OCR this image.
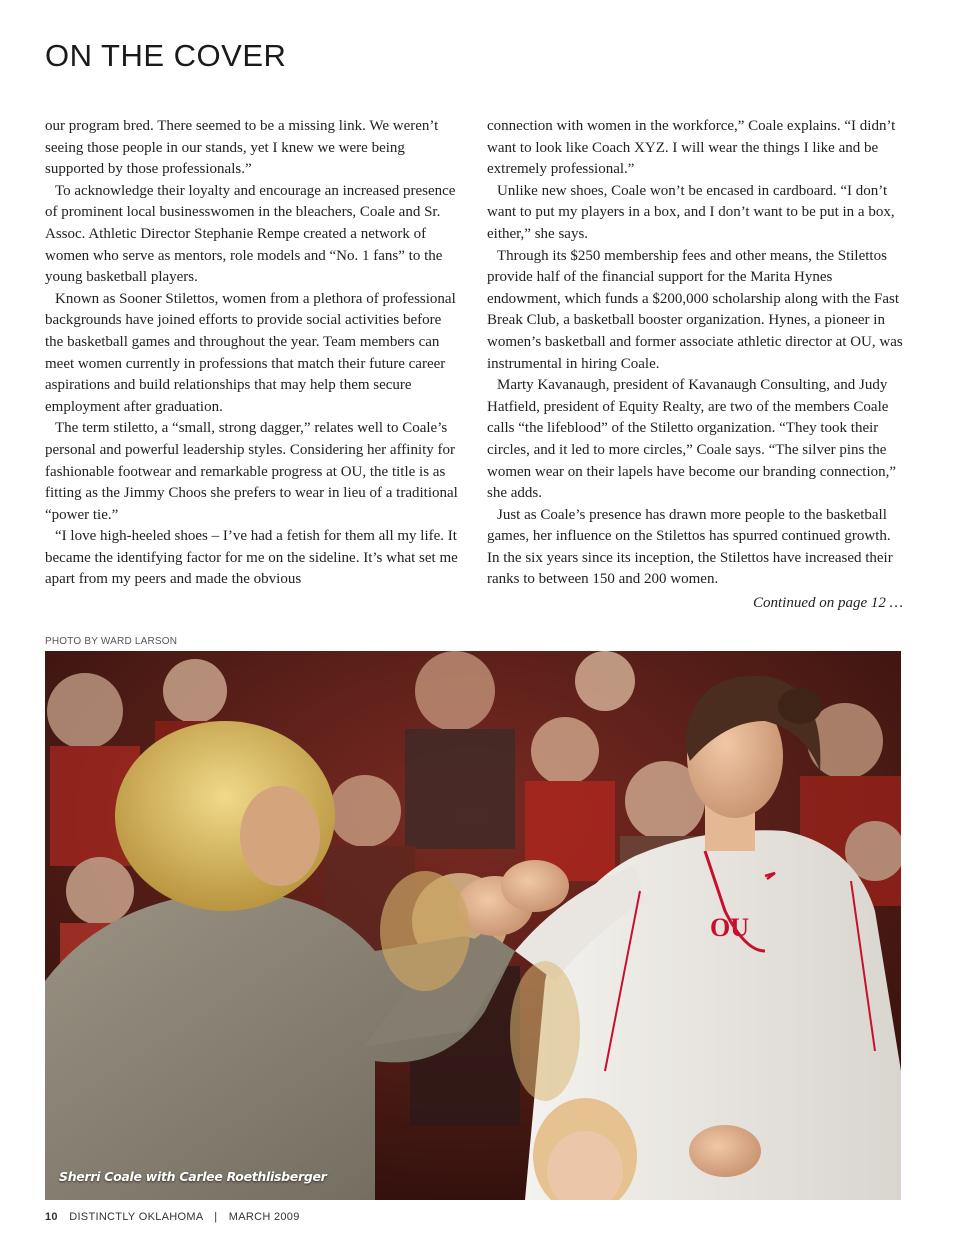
ON THE COVER

our program bred. There seemed to be a missing link. We weren’t seeing those people in our stands, yet I knew we were being supported by those professionals.”

To acknowledge their loyalty and encourage an increased presence of prominent local businesswomen in the bleachers, Coale and Sr. Assoc. Athletic Director Stephanie Rempe created a network of women who serve as mentors, role models and “No. 1 fans” to the young basketball players.

Known as Sooner Stilettos, women from a plethora of professional backgrounds have joined efforts to provide social activities before the basketball games and throughout the year. Team members can meet women currently in professions that match their future career aspirations and build relationships that may help them secure employment after graduation.

The term stiletto, a “small, strong dagger,” relates well to Coale’s personal and powerful leadership styles. Considering her affinity for fashionable footwear and remarkable progress at OU, the title is as fitting as the Jimmy Choos she prefers to wear in lieu of a traditional “power tie.”

“I love high-heeled shoes – I’ve had a fetish for them all my life. It became the identifying factor for me on the sideline. It’s what set me apart from my peers and made the obvious

connection with women in the workforce,” Coale explains. “I didn’t want to look like Coach XYZ. I will wear the things I like and be extremely professional.”

Unlike new shoes, Coale won’t be encased in cardboard. “I don’t want to put my players in a box, and I don’t want to be put in a box, either,” she says.

Through its $250 membership fees and other means, the Stilettos provide half of the financial support for the Marita Hynes endowment, which funds a $200,000 scholarship along with the Fast Break Club, a basketball booster organization. Hynes, a pioneer in women’s basketball and former associate athletic director at OU, was instrumental in hiring Coale.

Marty Kavanaugh, president of Kavanaugh Consulting, and Judy Hatfield, president of Equity Realty, are two of the members Coale calls “the lifeblood” of the Stiletto organization. “They took their circles, and it led to more circles,” Coale says. “The silver pins the women wear on their lapels have become our branding connection,” she adds.

Just as Coale’s presence has drawn more people to the basketball games, her influence on the Stilettos has spurred continued growth. In the six years since its inception, the Stilettos have increased their ranks to between 150 and 200 women.

Continued on page 12 …

PHOTO BY WARD LARSON
OU
Sherri Coale with Carlee Roethlisberger
10 DISTINCTLY OKLAHOMA | MARCH 2009
